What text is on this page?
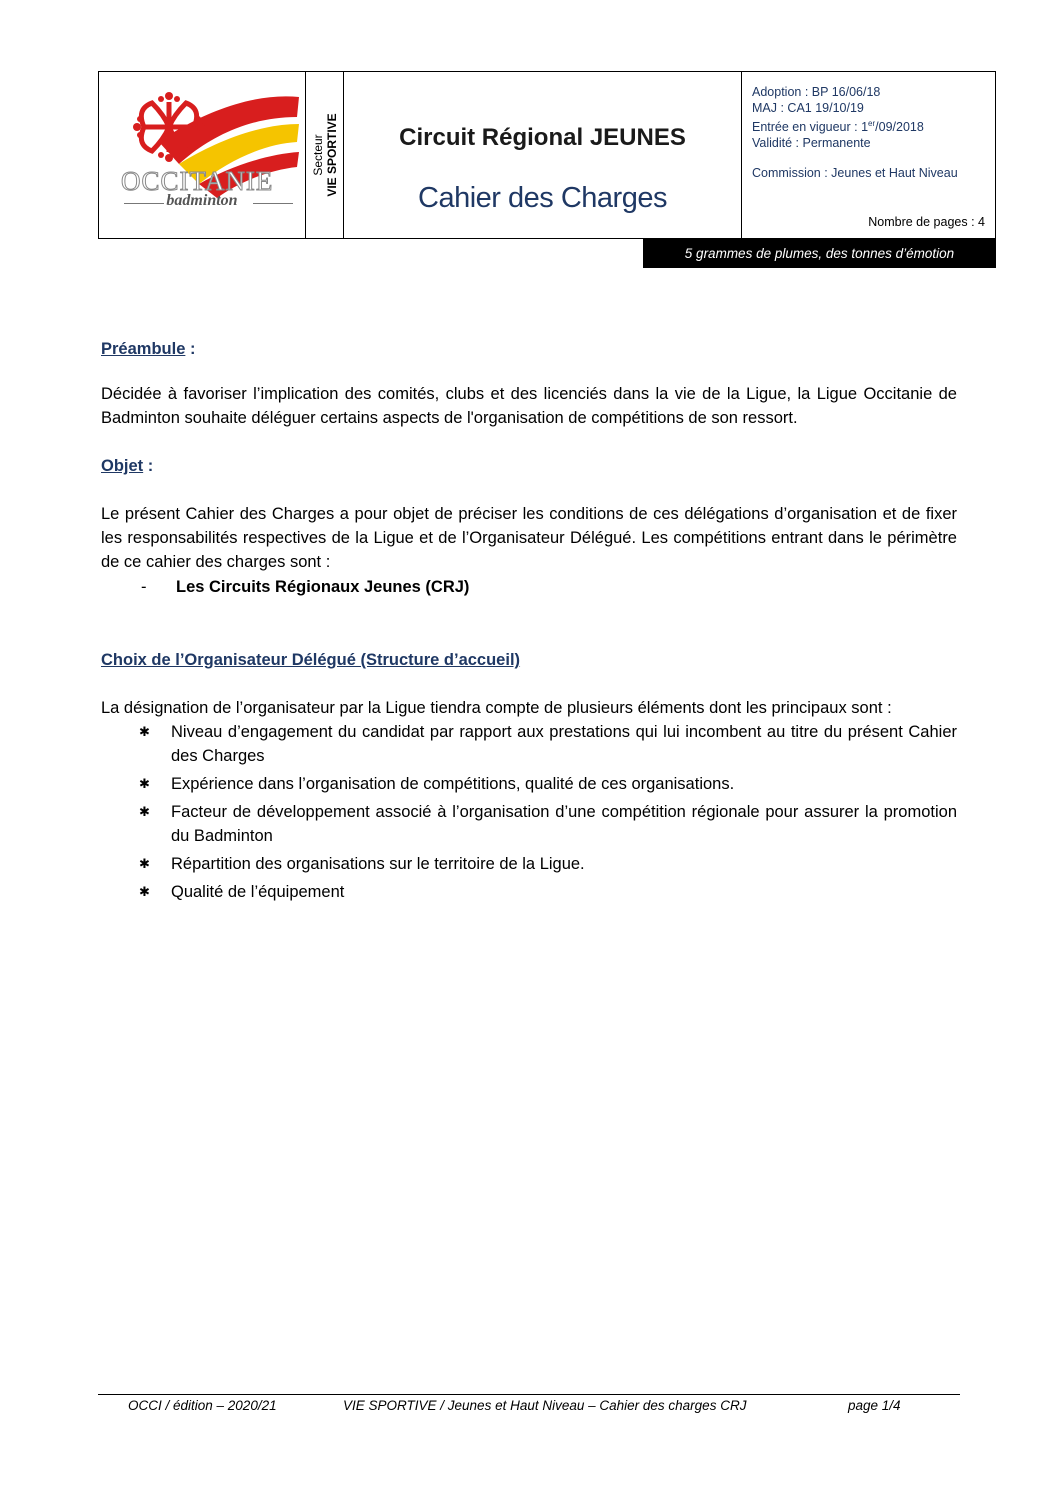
OCCITANIE
badminton
Secteur VIE SPORTIVE	Circuit Régional JEUNES
Cahier des Charges
Adoption : BP 16/06/18
MAJ : CA1 19/10/19
Entrée en vigueur : 1er/09/2018
Validité : Permanente
Commission : Jeunes et Haut Niveau
Nombre de pages : 4
5 grammes de plumes, des tonnes d’émotion
Préambule :
Décidée à favoriser l’implication des comités, clubs et des licenciés dans la vie de la Ligue, la Ligue Occitanie de Badminton souhaite déléguer certains aspects de l'organisation de compétitions de son ressort.
Objet :
Le présent Cahier des Charges a pour objet de préciser les conditions de ces délégations d’organisation et de fixer les responsabilités respectives de la Ligue et de l’Organisateur Délégué. Les compétitions entrant dans le périmètre de ce cahier des charges sont :
- Les Circuits Régionaux Jeunes (CRJ)
Choix de l’Organisateur Délégué (Structure d’accueil)
La désignation de l’organisateur par la Ligue tiendra compte de plusieurs éléments dont les principaux sont :
✱ Niveau d’engagement du candidat par rapport aux prestations qui lui incombent au titre du présent Cahier des Charges
✱ Expérience dans l’organisation de compétitions, qualité de ces organisations.
✱ Facteur de développement associé à l’organisation d’une compétition régionale pour assurer la promotion du Badminton
✱ Répartition des organisations sur le territoire de la Ligue.
✱ Qualité de l’équipement
OCCI / édition – 2020/21	VIE SPORTIVE / Jeunes et Haut Niveau – Cahier des charges CRJ	page 1/4
